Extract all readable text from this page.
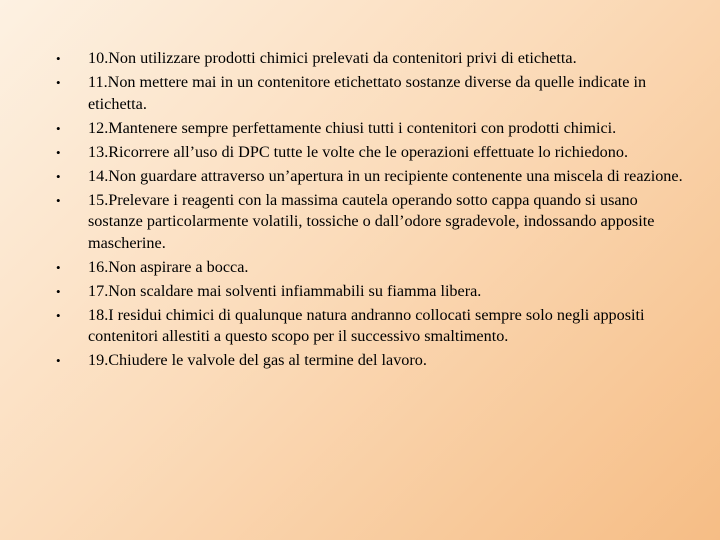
• 10.Non utilizzare prodotti chimici prelevati da contenitori privi di etichetta.
• 11.Non mettere mai in un contenitore etichettato sostanze diverse da quelle indicate in etichetta.
• 12.Mantenere sempre perfettamente chiusi tutti i contenitori con prodotti chimici.
• 13.Ricorrere all’uso di DPC tutte le volte che le operazioni effettuate lo richiedono.
• 14.Non guardare attraverso un’apertura in un recipiente contenente una miscela di reazione.
• 15.Prelevare i reagenti con la massima cautela operando sotto cappa quando si usano sostanze particolarmente volatili, tossiche o dall’odore sgradevole, indossando apposite mascherine.
• 16.Non aspirare a bocca.
• 17.Non scaldare mai solventi infiammabili su fiamma libera.
• 18.I residui chimici di qualunque natura andranno collocati sempre solo negli appositi contenitori allestiti a questo scopo per il successivo smaltimento.
• 19.Chiudere le valvole del gas al termine del lavoro.
